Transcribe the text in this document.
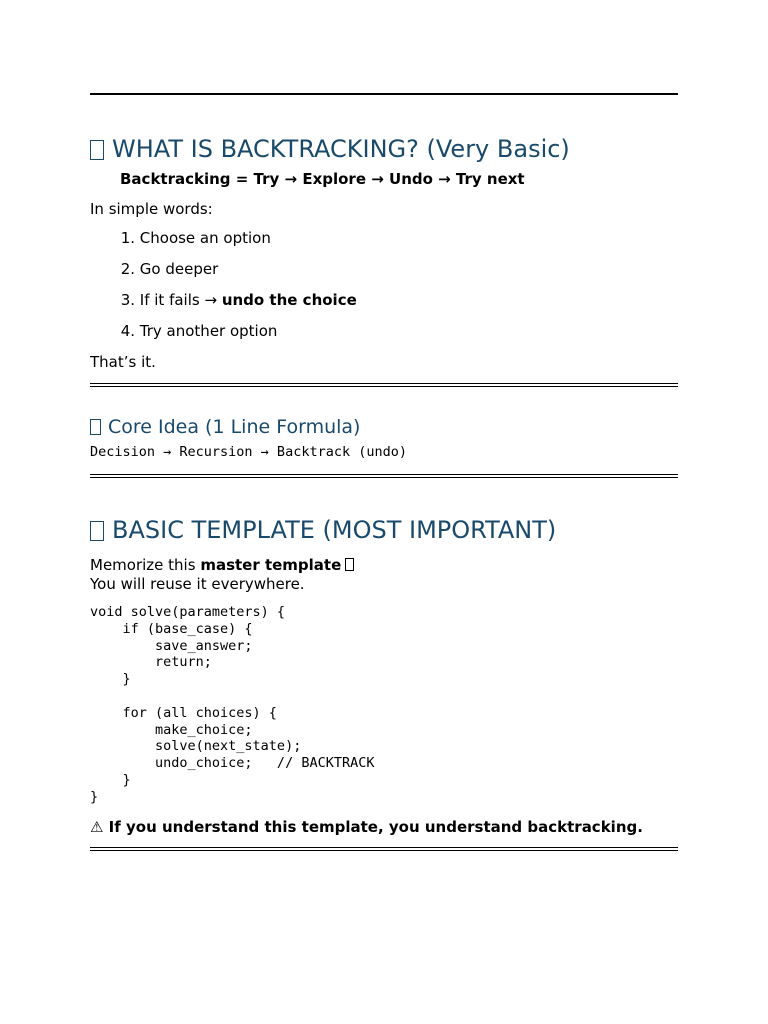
WHAT IS BACKTRACKING? (Very Basic)

Backtracking = Try → Explore → Undo → Try next

In simple words:

1. Choose an option
2. Go deeper
3. If it fails → undo the choice
4. Try another option

That’s it.

Core Idea (1 Line Formula)

Decision → Recursion → Backtrack (undo)

BASIC TEMPLATE (MOST IMPORTANT)

Memorize this master template

You will reuse it everywhere.

void solve(parameters) {
if (base_case) {
save_answer;
return;
}

for (all choices) {
make_choice;
solve(next_state);
undo_choice;   // BACKTRACK
}
}

⚠ If you understand this template, you understand backtracking.
